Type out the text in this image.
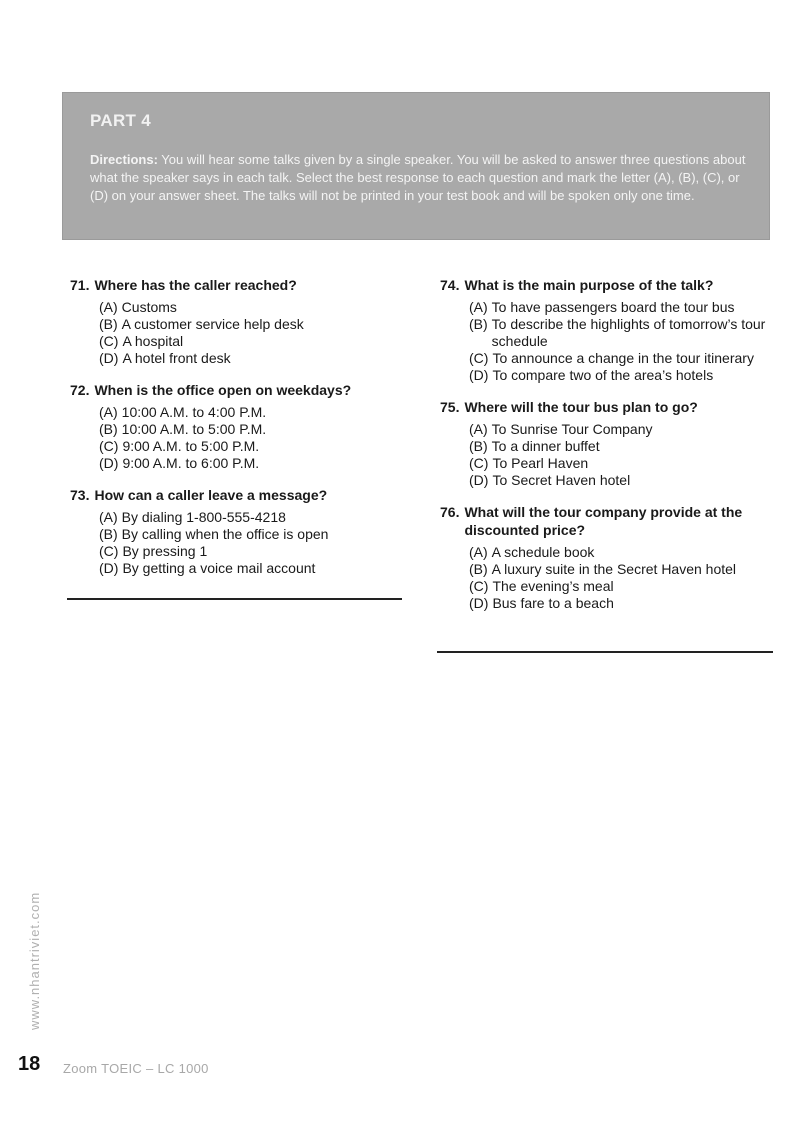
PART 4
Directions: You will hear some talks given by a single speaker. You will be asked to answer three questions about what the speaker says in each talk. Select the best response to each question and mark the letter (A), (B), (C), or (D) on your answer sheet. The talks will not be printed in your test book and will be spoken only one time.
71. Where has the caller reached?
(A) Customs
(B) A customer service help desk
(C) A hospital
(D) A hotel front desk
72. When is the office open on weekdays?
(A) 10:00 A.M. to 4:00 P.M.
(B) 10:00 A.M. to 5:00 P.M.
(C) 9:00 A.M. to 5:00 P.M.
(D) 9:00 A.M. to 6:00 P.M.
73. How can a caller leave a message?
(A) By dialing 1-800-555-4218
(B) By calling when the office is open
(C) By pressing 1
(D) By getting a voice mail account
74. What is the main purpose of the talk?
(A) To have passengers board the tour bus
(B) To describe the highlights of tomorrow’s tour schedule
(C) To announce a change in the tour itinerary
(D) To compare two of the area’s hotels
75. Where will the tour bus plan to go?
(A) To Sunrise Tour Company
(B) To a dinner buffet
(C) To Pearl Haven
(D) To Secret Haven hotel
76. What will the tour company provide at the discounted price?
(A) A schedule book
(B) A luxury suite in the Secret Haven hotel
(C) The evening’s meal
(D) Bus fare to a beach
www.nhantriviet.com
18 Zoom TOEIC – LC 1000
